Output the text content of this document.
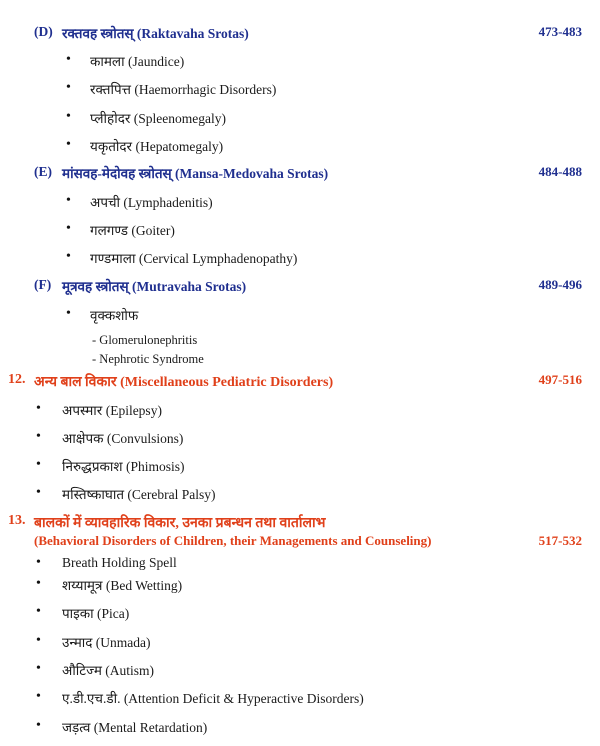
(D) रक्तवह स्त्रोतस् (Raktavaha Srotas)	473-483
• कामला (Jaundice)
• रक्तपित्त (Haemorrhagic Disorders)
• प्लीहोदर (Spleenomegaly)
• यकृतोदर (Hepatomegaly)
(E) मांसवह-मेदोवह स्त्रोतस् (Mansa-Medovaha Srotas)	484-488
• अपची (Lymphadenitis)
• गलगण्ड (Goiter)
• गण्डमाला (Cervical Lymphadenopathy)
(F) मूत्रवह स्त्रोतस् (Mutravaha Srotas)	489-496
• वृक्कशोफ
- Glomerulonephritis
- Nephrotic Syndrome
12. अन्य बाल विकार (Miscellaneous Pediatric Disorders)	497-516
• अपस्मार (Epilepsy)
• आक्षेपक (Convulsions)
• निरुद्धप्रकाश (Phimosis)
• मस्तिष्काघात (Cerebral Palsy)
13. बालकों में व्यावहारिक विकार, उनका प्रबन्धन तथा वार्तालाभ
(Behavioral Disorders of Children, their Managements and Counseling)	517-532
• Breath Holding Spell
• शय्यामूत्र (Bed Wetting)
• पाइका (Pica)
• उन्माद (Unmada)
• औटिज्म (Autism)
• ए.डी.एच.डी. (Attention Deficit & Hyperactive Disorders)
• जड़त्व (Mental Retardation)
